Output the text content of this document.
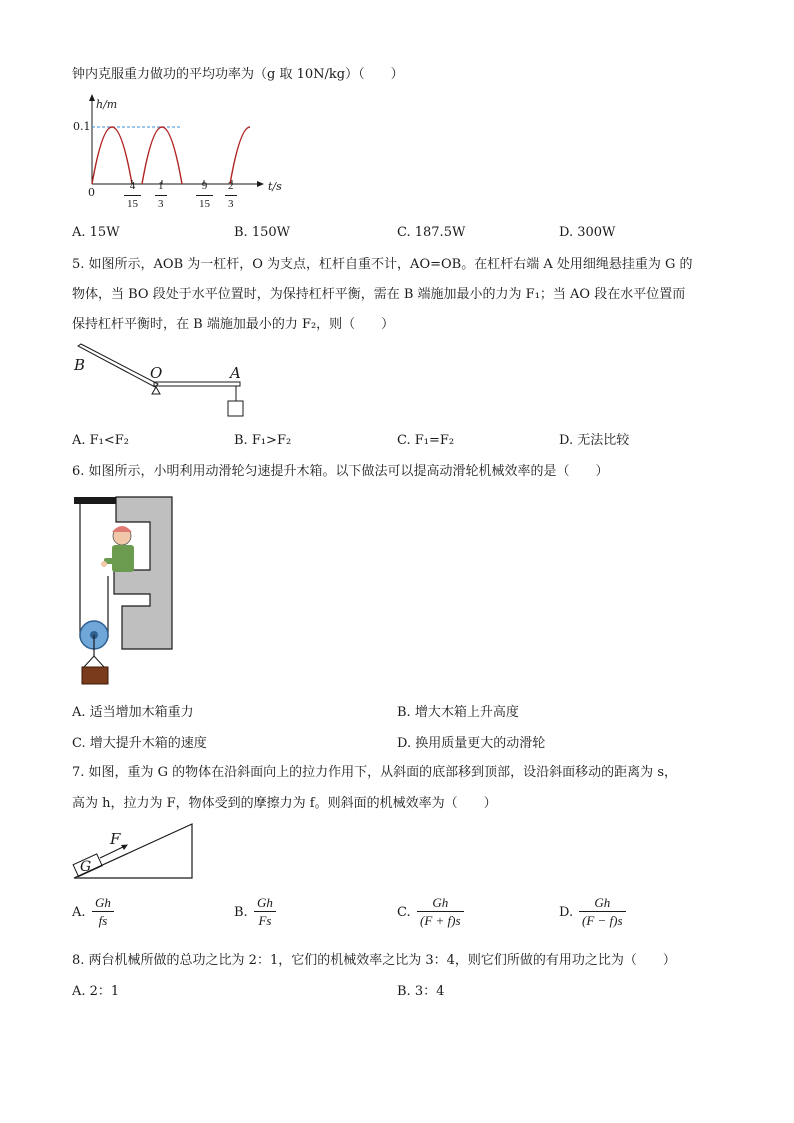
钟内克服重力做功的平均功率为（g 取 10N/kg）（　　）
h/m
0.1
0	t/s
$\frac{4}{15} \frac{1}{3}$	$\frac{9}{15} \frac{2}{3}$
A. 15W	B. 150W	C. 187.5W	D. 300W
5. 如图所示，AOB 为一杠杆，O 为支点，杠杆自重不计，AO=OB。在杠杆右端 A 处用细绳悬挂重为 G 的
物体，当 BO 段处于水平位置时，为保持杠杆平衡，需在 B 端施加最小的力为 F₁；当 AO 段在水平位置而
保持杠杆平衡时，在 B 端施加最小的力 F₂，则（　　）
B	O	A
A. F₁<F₂	B. F₁>F₂	C. F₁=F₂	D. 无法比较
6. 如图所示，小明利用动滑轮匀速提升木箱。以下做法可以提高动滑轮机械效率的是（　　）
A. 适当增加木箱重力	B. 增大木箱上升高度
C. 增大提升木箱的速度	D. 换用质量更大的动滑轮
7. 如图，重为 G 的物体在沿斜面向上的拉力作用下，从斜面的底部移到顶部，设沿斜面移动的距离为 s，
高为 h，拉力为 F，物体受到的摩擦力为 f。则斜面的机械效率为（　　）
F
G
A. $\frac{Gh}{fs}$	B. $\frac{Gh}{Fs}$	C. $\frac{Gh}{(F + f)s}$	D. $\frac{Gh}{(F - f)s}$
8. 两台机械所做的总功之比为 2：1，它们的机械效率之比为 3：4，则它们所做的有用功之比为（　　）
A. 2：1	B. 3：4
